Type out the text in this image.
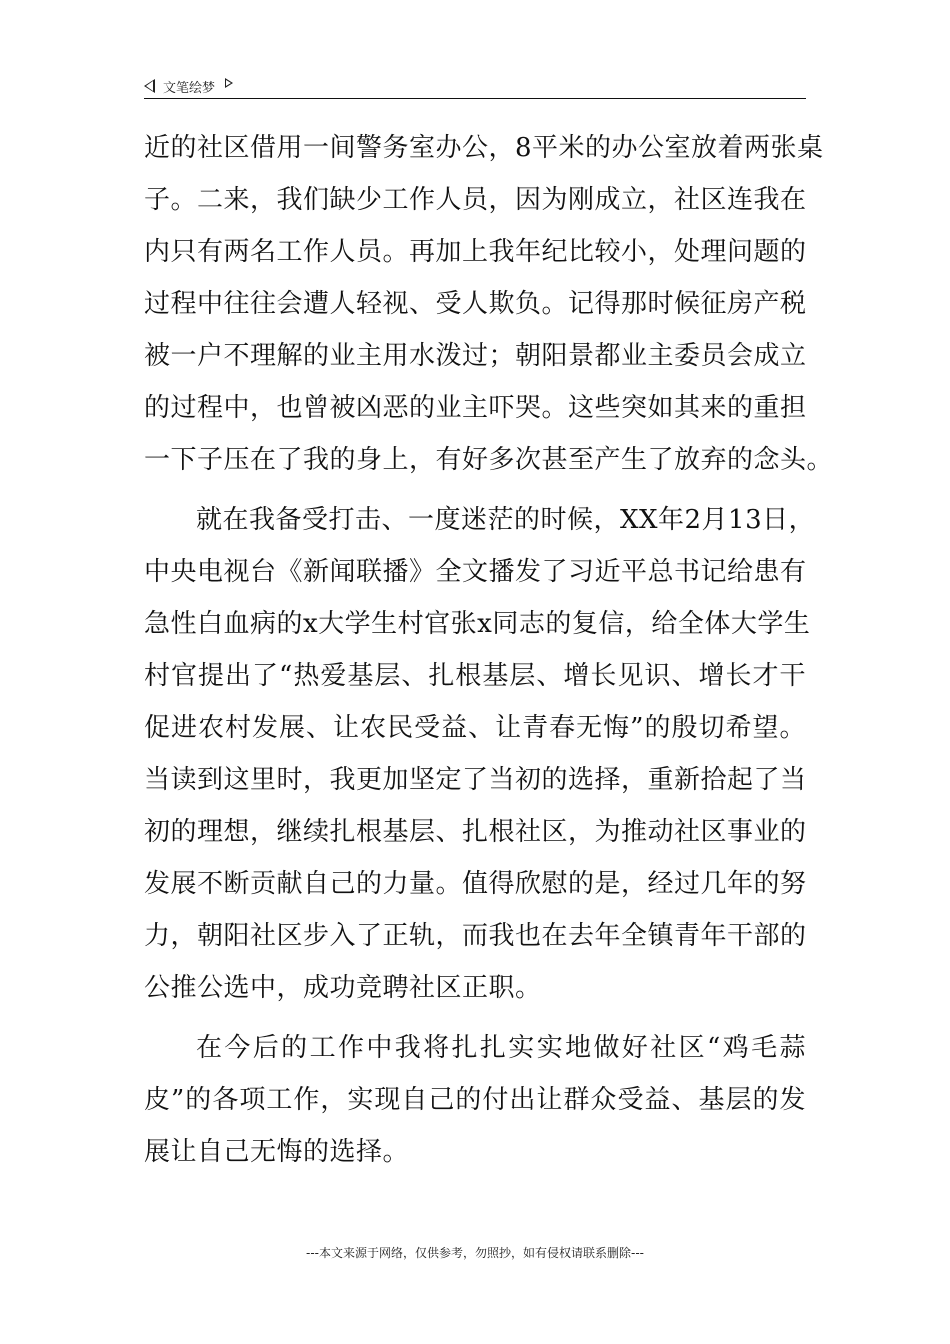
文笔绘梦
近的社区借用一间警务室办公，8平米的办公室放着两张桌
子。二来，我们缺少工作人员，因为刚成立，社区连我在
内只有两名工作人员。再加上我年纪比较小，处理问题的
过程中往往会遭人轻视、受人欺负。记得那时候征房产税
被一户不理解的业主用水泼过；朝阳景都业主委员会成立
的过程中，也曾被凶恶的业主吓哭。这些突如其来的重担
一下子压在了我的身上，有好多次甚至产生了放弃的念头。
就在我备受打击、一度迷茫的时候，XX年2月13日，
中央电视台《新闻联播》全文播发了习近平总书记给患有
急性白血病的x大学生村官张x同志的复信，给全体大学生
村官提出了“热爱基层、扎根基层、增长见识、增长才干
促进农村发展、让农民受益、让青春无悔”的殷切希望。
当读到这里时，我更加坚定了当初的选择，重新拾起了当
初的理想，继续扎根基层、扎根社区，为推动社区事业的
发展不断贡献自己的力量。值得欣慰的是，经过几年的努
力，朝阳社区步入了正轨，而我也在去年全镇青年干部的
公推公选中，成功竞聘社区正职。
在今后的工作中我将扎扎实实地做好社区“鸡毛蒜
皮”的各项工作，实现自己的付出让群众受益、基层的发
展让自己无悔的选择。
---本文来源于网络，仅供参考，勿照抄，如有侵权请联系删除---
